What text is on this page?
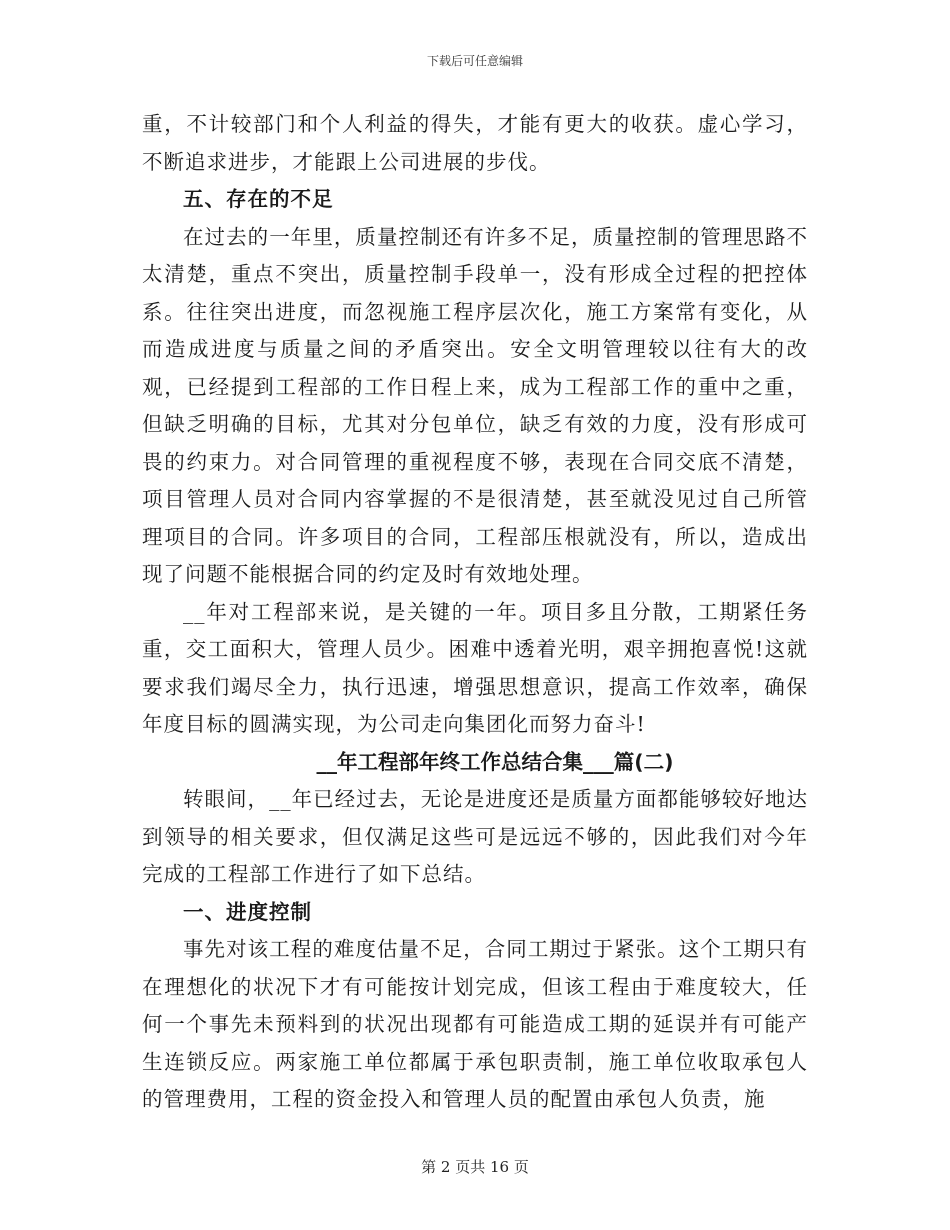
下载后可任意编辑

重，不计较部门和个人利益的得失，才能有更大的收获。虚心学习，不断追求进步，才能跟上公司进展的步伐。

五、存在的不足

在过去的一年里，质量控制还有许多不足，质量控制的管理思路不太清楚，重点不突出，质量控制手段单一，没有形成全过程的把控体系。往往突出进度，而忽视施工程序层次化，施工方案常有变化，从而造成进度与质量之间的矛盾突出。安全文明管理较以往有大的改观，已经提到工程部的工作日程上来，成为工程部工作的重中之重，但缺乏明确的目标，尤其对分包单位，缺乏有效的力度，没有形成可畏的约束力。对合同管理的重视程度不够，表现在合同交底不清楚，项目管理人员对合同内容掌握的不是很清楚，甚至就没见过自己所管理项目的合同。许多项目的合同，工程部压根就没有，所以，造成出现了问题不能根据合同的约定及时有效地处理。

__年对工程部来说，是关键的一年。项目多且分散，工期紧任务重，交工面积大，管理人员少。困难中透着光明，艰辛拥抱喜悦!这就要求我们竭尽全力，执行迅速，增强思想意识，提高工作效率，确保年度目标的圆满实现，为公司走向集团化而努力奋斗!

__年工程部年终工作总结合集___篇(二)

转眼间，__年已经过去，无论是进度还是质量方面都能够较好地达到领导的相关要求，但仅满足这些可是远远不够的，因此我们对今年完成的工程部工作进行了如下总结。

一、进度控制

事先对该工程的难度估量不足，合同工期过于紧张。这个工期只有在理想化的状况下才有可能按计划完成，但该工程由于难度较大，任何一个事先未预料到的状况出现都有可能造成工期的延误并有可能产生连锁反应。两家施工单位都属于承包职责制，施工单位收取承包人的管理费用，工程的资金投入和管理人员的配置由承包人负责，施

第 2 页共 16 页
